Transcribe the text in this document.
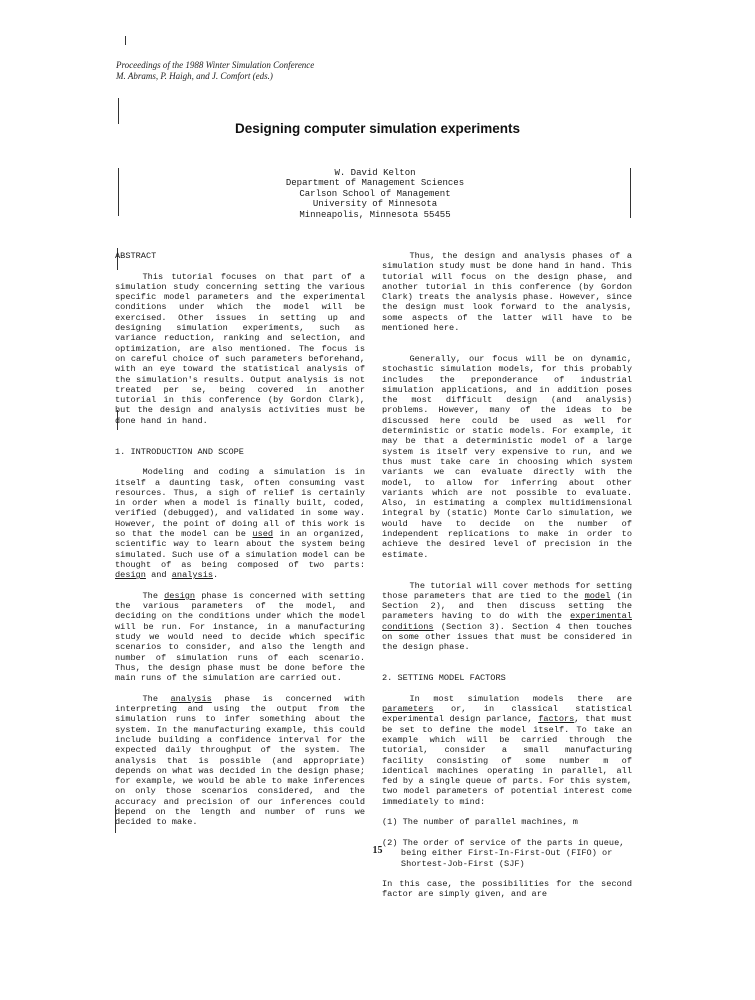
Proceedings of the 1988 Winter Simulation Conference
M. Abrams, P. Haigh, and J. Comfort (eds.)
Designing computer simulation experiments
W. David Kelton
Department of Management Sciences
Carlson School of Management
University of Minnesota
Minneapolis, Minnesota 55455
ABSTRACT
This tutorial focuses on that part of a simulation study concerning setting the various specific model parameters and the experimental conditions under which the model will be exercised. Other issues in setting up and designing simulation experiments, such as variance reduction, ranking and selection, and optimization, are also mentioned. The focus is on careful choice of such parameters beforehand, with an eye toward the statistical analysis of the simulation's results. Output analysis is not treated per se, being covered in another tutorial in this conference (by Gordon Clark), but the design and analysis activities must be done hand in hand.
1. INTRODUCTION AND SCOPE
Modeling and coding a simulation is in itself a daunting task, often consuming vast resources. Thus, a sigh of relief is certainly in order when a model is finally built, coded, verified (debugged), and validated in some way. However, the point of doing all of this work is so that the model can be used in an organized, scientific way to learn about the system being simulated. Such use of a simulation model can be thought of as being composed of two parts: design and analysis.
The design phase is concerned with setting the various parameters of the model, and deciding on the conditions under which the model will be run. For instance, in a manufacturing study we would need to decide which specific scenarios to consider, and also the length and number of simulation runs of each scenario. Thus, the design phase must be done before the main runs of the simulation are carried out.
The analysis phase is concerned with interpreting and using the output from the simulation runs to infer something about the system. In the manufacturing example, this could include building a confidence interval for the expected daily throughput of the system. The analysis that is possible (and appropriate) depends on what was decided in the design phase; for example, we would be able to make inferences on only those scenarios considered, and the accuracy and precision of our inferences could depend on the length and number of runs we decided to make.
Thus, the design and analysis phases of a simulation study must be done hand in hand. This tutorial will focus on the design phase, and another tutorial in this conference (by Gordon Clark) treats the analysis phase. However, since the design must look forward to the analysis, some aspects of the latter will have to be mentioned here.
Generally, our focus will be on dynamic, stochastic simulation models, for this probably includes the preponderance of industrial simulation applications, and in addition poses the most difficult design (and analysis) problems. However, many of the ideas to be discussed here could be used as well for deterministic or static models. For example, it may be that a deterministic model of a large system is itself very expensive to run, and we thus must take care in choosing which system variants we can evaluate directly with the model, to allow for inferring about other variants which are not possible to evaluate. Also, in estimating a complex multidimensional integral by (static) Monte Carlo simulation, we would have to decide on the number of independent replications to make in order to achieve the desired level of precision in the estimate.
The tutorial will cover methods for setting those parameters that are tied to the model (in Section 2), and then discuss setting the parameters having to do with the experimental conditions (Section 3). Section 4 then touches on some other issues that must be considered in the design phase.
2. SETTING MODEL FACTORS
In most simulation models there are parameters or, in classical statistical experimental design parlance, factors, that must be set to define the model itself. To take an example which will be carried through the tutorial, consider a small manufacturing facility consisting of some number m of identical machines operating in parallel, all fed by a single queue of parts. For this system, two model parameters of potential interest come immediately to mind:
(1) The number of parallel machines, m
(2) The order of service of the parts in queue, being either First-In-First-Out (FIFO) or Shortest-Job-First (SJF)
In this case, the possibilities for the second factor are simply given, and are
15
